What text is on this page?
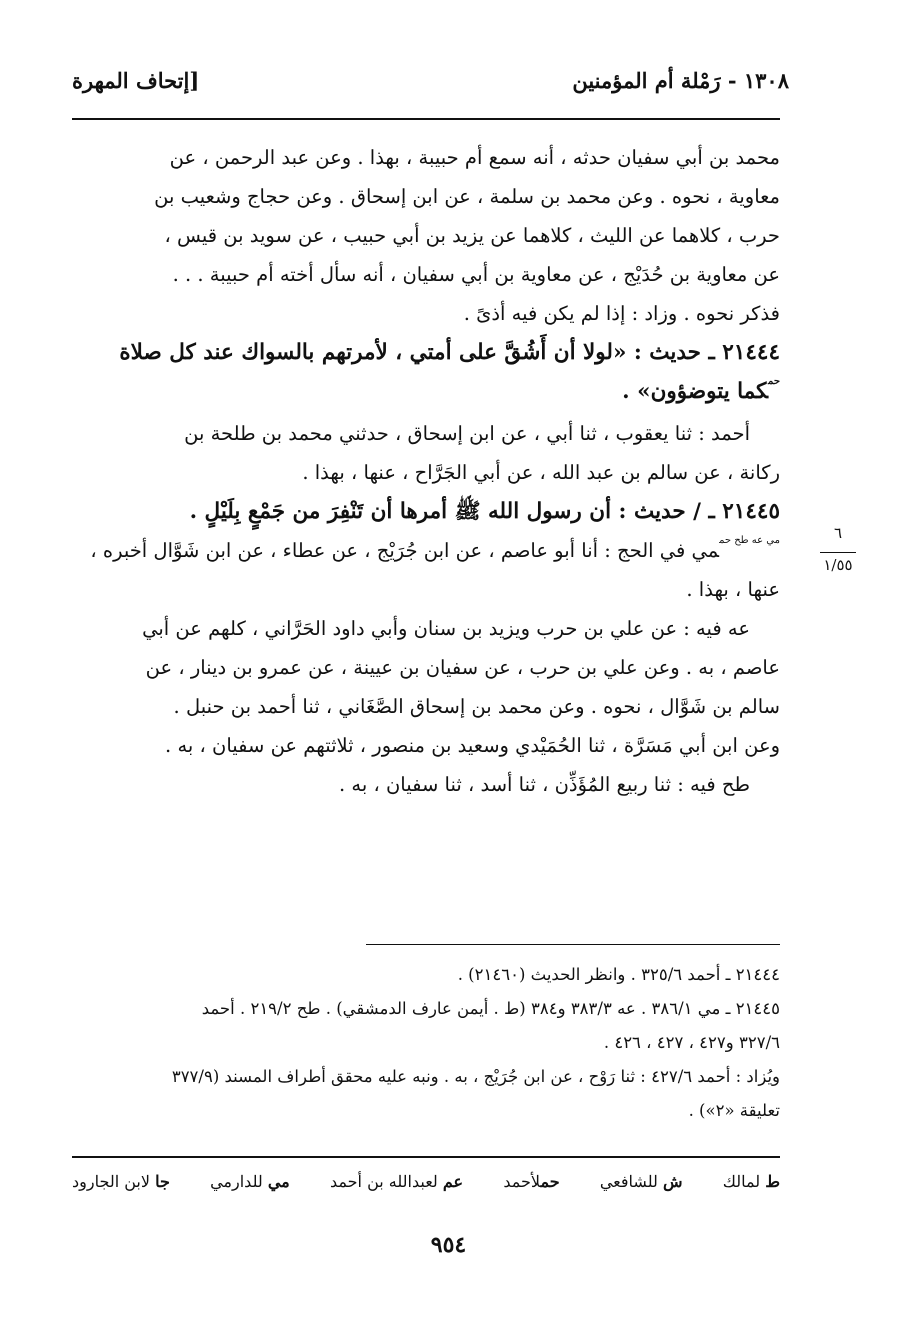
١٣٠٨ - رَمْلة أم المؤمنين
[إتحاف المهرة
محمد بن أبي سفيان حدثه ، أنه سمع أم حبيبة ، بهذا . وعن عبد الرحمن ، عن
معاوية ، نحوه . وعن محمد بن سلمة ، عن ابن إسحاق . وعن حجاج وشعيب بن
حرب ، كلاهما عن الليث ، كلاهما عن يزيد بن أبي حبيب ، عن سويد بن قيس ،
عن معاوية بن حُدَيْج ، عن معاوية بن أبي سفيان ، أنه سأل أخته أم حبيبة . . .
فذكر نحوه . وزاد : إذا لم يكن فيه أذىً .
٢١٤٤٤ ـ حديث : «لولا أن أَشُقَّ على أمتي ، لأمرتهم بالسواك عند كل صلاة
$^{حم}$كما يتوضؤون» .
أحمد : ثنا يعقوب ، ثنا أبي ، عن ابن إسحاق ، حدثني محمد بن طلحة بن
ركانة ، عن سالم بن عبد الله ، عن أبي الجَرَّاح ، عنها ، بهذا .
٢١٤٤٥ ـ / حديث : أن رسول الله ﷺ أمرها أن تَنْفِرَ من جَمْعٍ بِلَيْلٍ .
$^{مي عه طح حم}$مي في الحج : أنا أبو عاصم ، عن ابن جُرَيْج ، عن عطاء ، عن ابن شَوَّال أخبره ،
عنها ، بهذا .
عه فيه : عن علي بن حرب ويزيد بن سنان وأبي داود الحَرَّاني ، كلهم عن أبي
عاصم ، به . وعن علي بن حرب ، عن سفيان بن عيينة ، عن عمرو بن دينار ، عن
سالم بن شَوَّال ، نحوه . وعن محمد بن إسحاق الصَّغَاني ، ثنا أحمد بن حنبل .
وعن ابن أبي مَسَرَّة ، ثنا الحُمَيْدي وسعيد بن منصور ، ثلاثتهم عن سفيان ، به .
طح فيه : ثنا ربيع المُؤَذِّن ، ثنا أسد ، ثنا سفيان ، به .
٦
١/٥٥
٢١٤٤٤ ـ أحمد ٣٢٥/٦ . وانظر الحديث (٢١٤٦٠) .
٢١٤٤٥ ـ مي ٣٨٦/١ . عه ٣٨٣/٣ و٣٨٤ (ط . أيمن عارف الدمشقي) . طح ٢١٩/٢ . أحمد
٣٢٧/٦ و٤٢٧ ، ٤٢٧ ، ٤٢٦ .
ويُزاد : أحمد ٤٢٧/٦ : ثنا رَوْح ، عن ابن جُرَيْج ، به . ونبه عليه محقق أطراف المسند (٣٧٧/٩
تعليقة «٢») .
ط لمالك
ش للشافعي
حملأحمد
عم لعبدالله بن أحمد
مي للدارمي
جا لابن الجارود
٩٥٤
